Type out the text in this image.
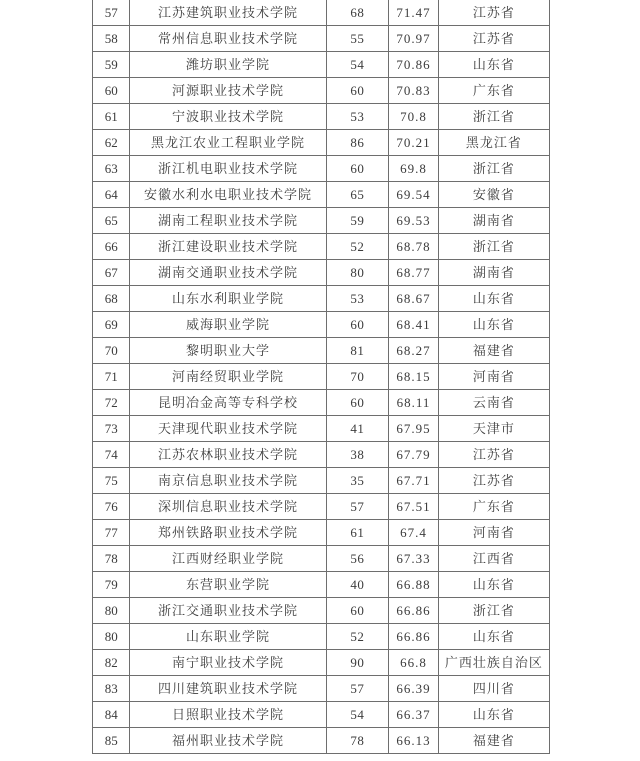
57	江苏建筑职业技术学院	68	71.47	江苏省
58	常州信息职业技术学院	55	70.97	江苏省
59	潍坊职业学院	54	70.86	山东省
60	河源职业技术学院	60	70.83	广东省
61	宁波职业技术学院	53	70.8	浙江省
62	黑龙江农业工程职业学院	86	70.21	黑龙江省
63	浙江机电职业技术学院	60	69.8	浙江省
64	安徽水利水电职业技术学院	65	69.54	安徽省
65	湖南工程职业技术学院	59	69.53	湖南省
66	浙江建设职业技术学院	52	68.78	浙江省
67	湖南交通职业技术学院	80	68.77	湖南省
68	山东水利职业学院	53	68.67	山东省
69	威海职业学院	60	68.41	山东省
70	黎明职业大学	81	68.27	福建省
71	河南经贸职业学院	70	68.15	河南省
72	昆明冶金高等专科学校	60	68.11	云南省
73	天津现代职业技术学院	41	67.95	天津市
74	江苏农林职业技术学院	38	67.79	江苏省
75	南京信息职业技术学院	35	67.71	江苏省
76	深圳信息职业技术学院	57	67.51	广东省
77	郑州铁路职业技术学院	61	67.4	河南省
78	江西财经职业学院	56	67.33	江西省
79	东营职业学院	40	66.88	山东省
80	浙江交通职业技术学院	60	66.86	浙江省
80	山东职业学院	52	66.86	山东省
82	南宁职业技术学院	90	66.8	广西壮族自治区
83	四川建筑职业技术学院	57	66.39	四川省
84	日照职业技术学院	54	66.37	山东省
85	福州职业技术学院	78	66.13	福建省
